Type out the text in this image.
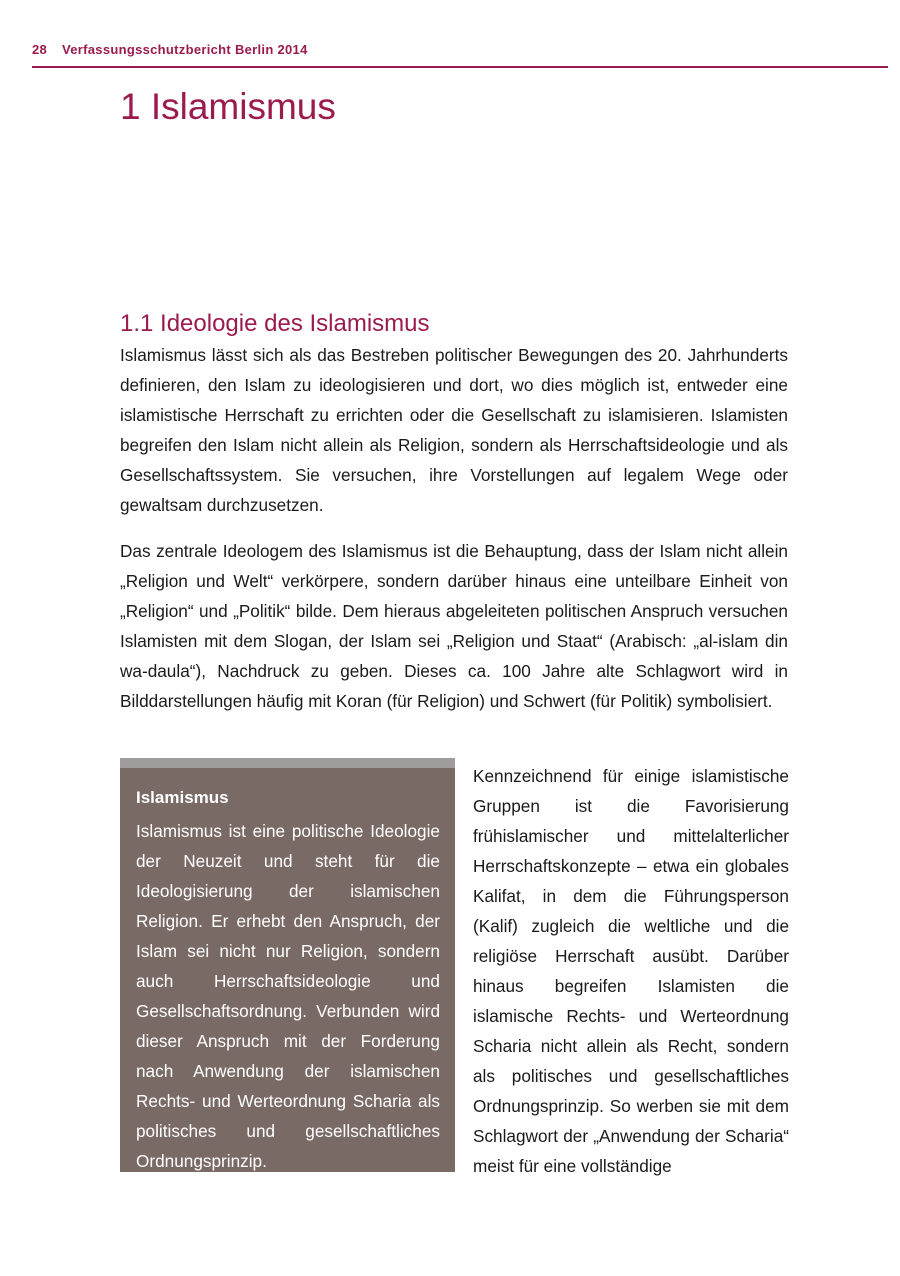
28 Verfassungsschutzbericht Berlin 2014
1 Islamismus
1.1 Ideologie des Islamismus

Islamismus lässt sich als das Bestreben politischer Bewegungen des 20. Jahrhunderts definieren, den Islam zu ideologisieren und dort, wo dies möglich ist, entweder eine islamistische Herrschaft zu errichten oder die Gesellschaft zu islamisieren. Islamisten begreifen den Islam nicht allein als Religion, sondern als Herrschaftsideologie und als Gesellschaftssystem. Sie versuchen, ihre Vorstellungen auf legalem Wege oder gewaltsam durchzusetzen.

Das zentrale Ideologem des Islamismus ist die Behauptung, dass der Islam nicht allein „Religion und Welt“ verkörpere, sondern darüber hinaus eine unteilbare Einheit von „Religion“ und „Politik“ bilde. Dem hieraus abgeleiteten politischen Anspruch versuchen Islamisten mit dem Slogan, der Islam sei „Religion und Staat“ (Arabisch: „al-islam din wa-daula“), Nachdruck zu geben. Dieses ca. 100 Jahre alte Schlagwort wird in Bilddarstellungen häufig mit Koran (für Religion) und Schwert (für Politik) symbolisiert.

Islamismus

Islamismus ist eine politische Ideologie der Neuzeit und steht für die Ideologisierung der islamischen Religion. Er erhebt den Anspruch, der Islam sei nicht nur Religion, sondern auch Herrschaftsideologie und Gesellschaftsordnung. Verbunden wird dieser Anspruch mit der Forderung nach Anwendung der islamischen Rechts- und Werteordnung Scharia als politisches und gesellschaftliches Ordnungsprinzip.

Kennzeichnend für einige islamistische Gruppen ist die Favorisierung frühislamischer und mittelalterlicher Herrschaftskonzepte – etwa ein globales Kalifat, in dem die Führungsperson (Kalif) zugleich die weltliche und die religiöse Herrschaft ausübt. Darüber hinaus begreifen Islamisten die islamische Rechts- und Werteordnung Scharia nicht allein als Recht, sondern als politisches und gesellschaftliches Ordnungsprinzip. So werben sie mit dem Schlagwort der „Anwendung der Scharia“ meist für eine vollständige
